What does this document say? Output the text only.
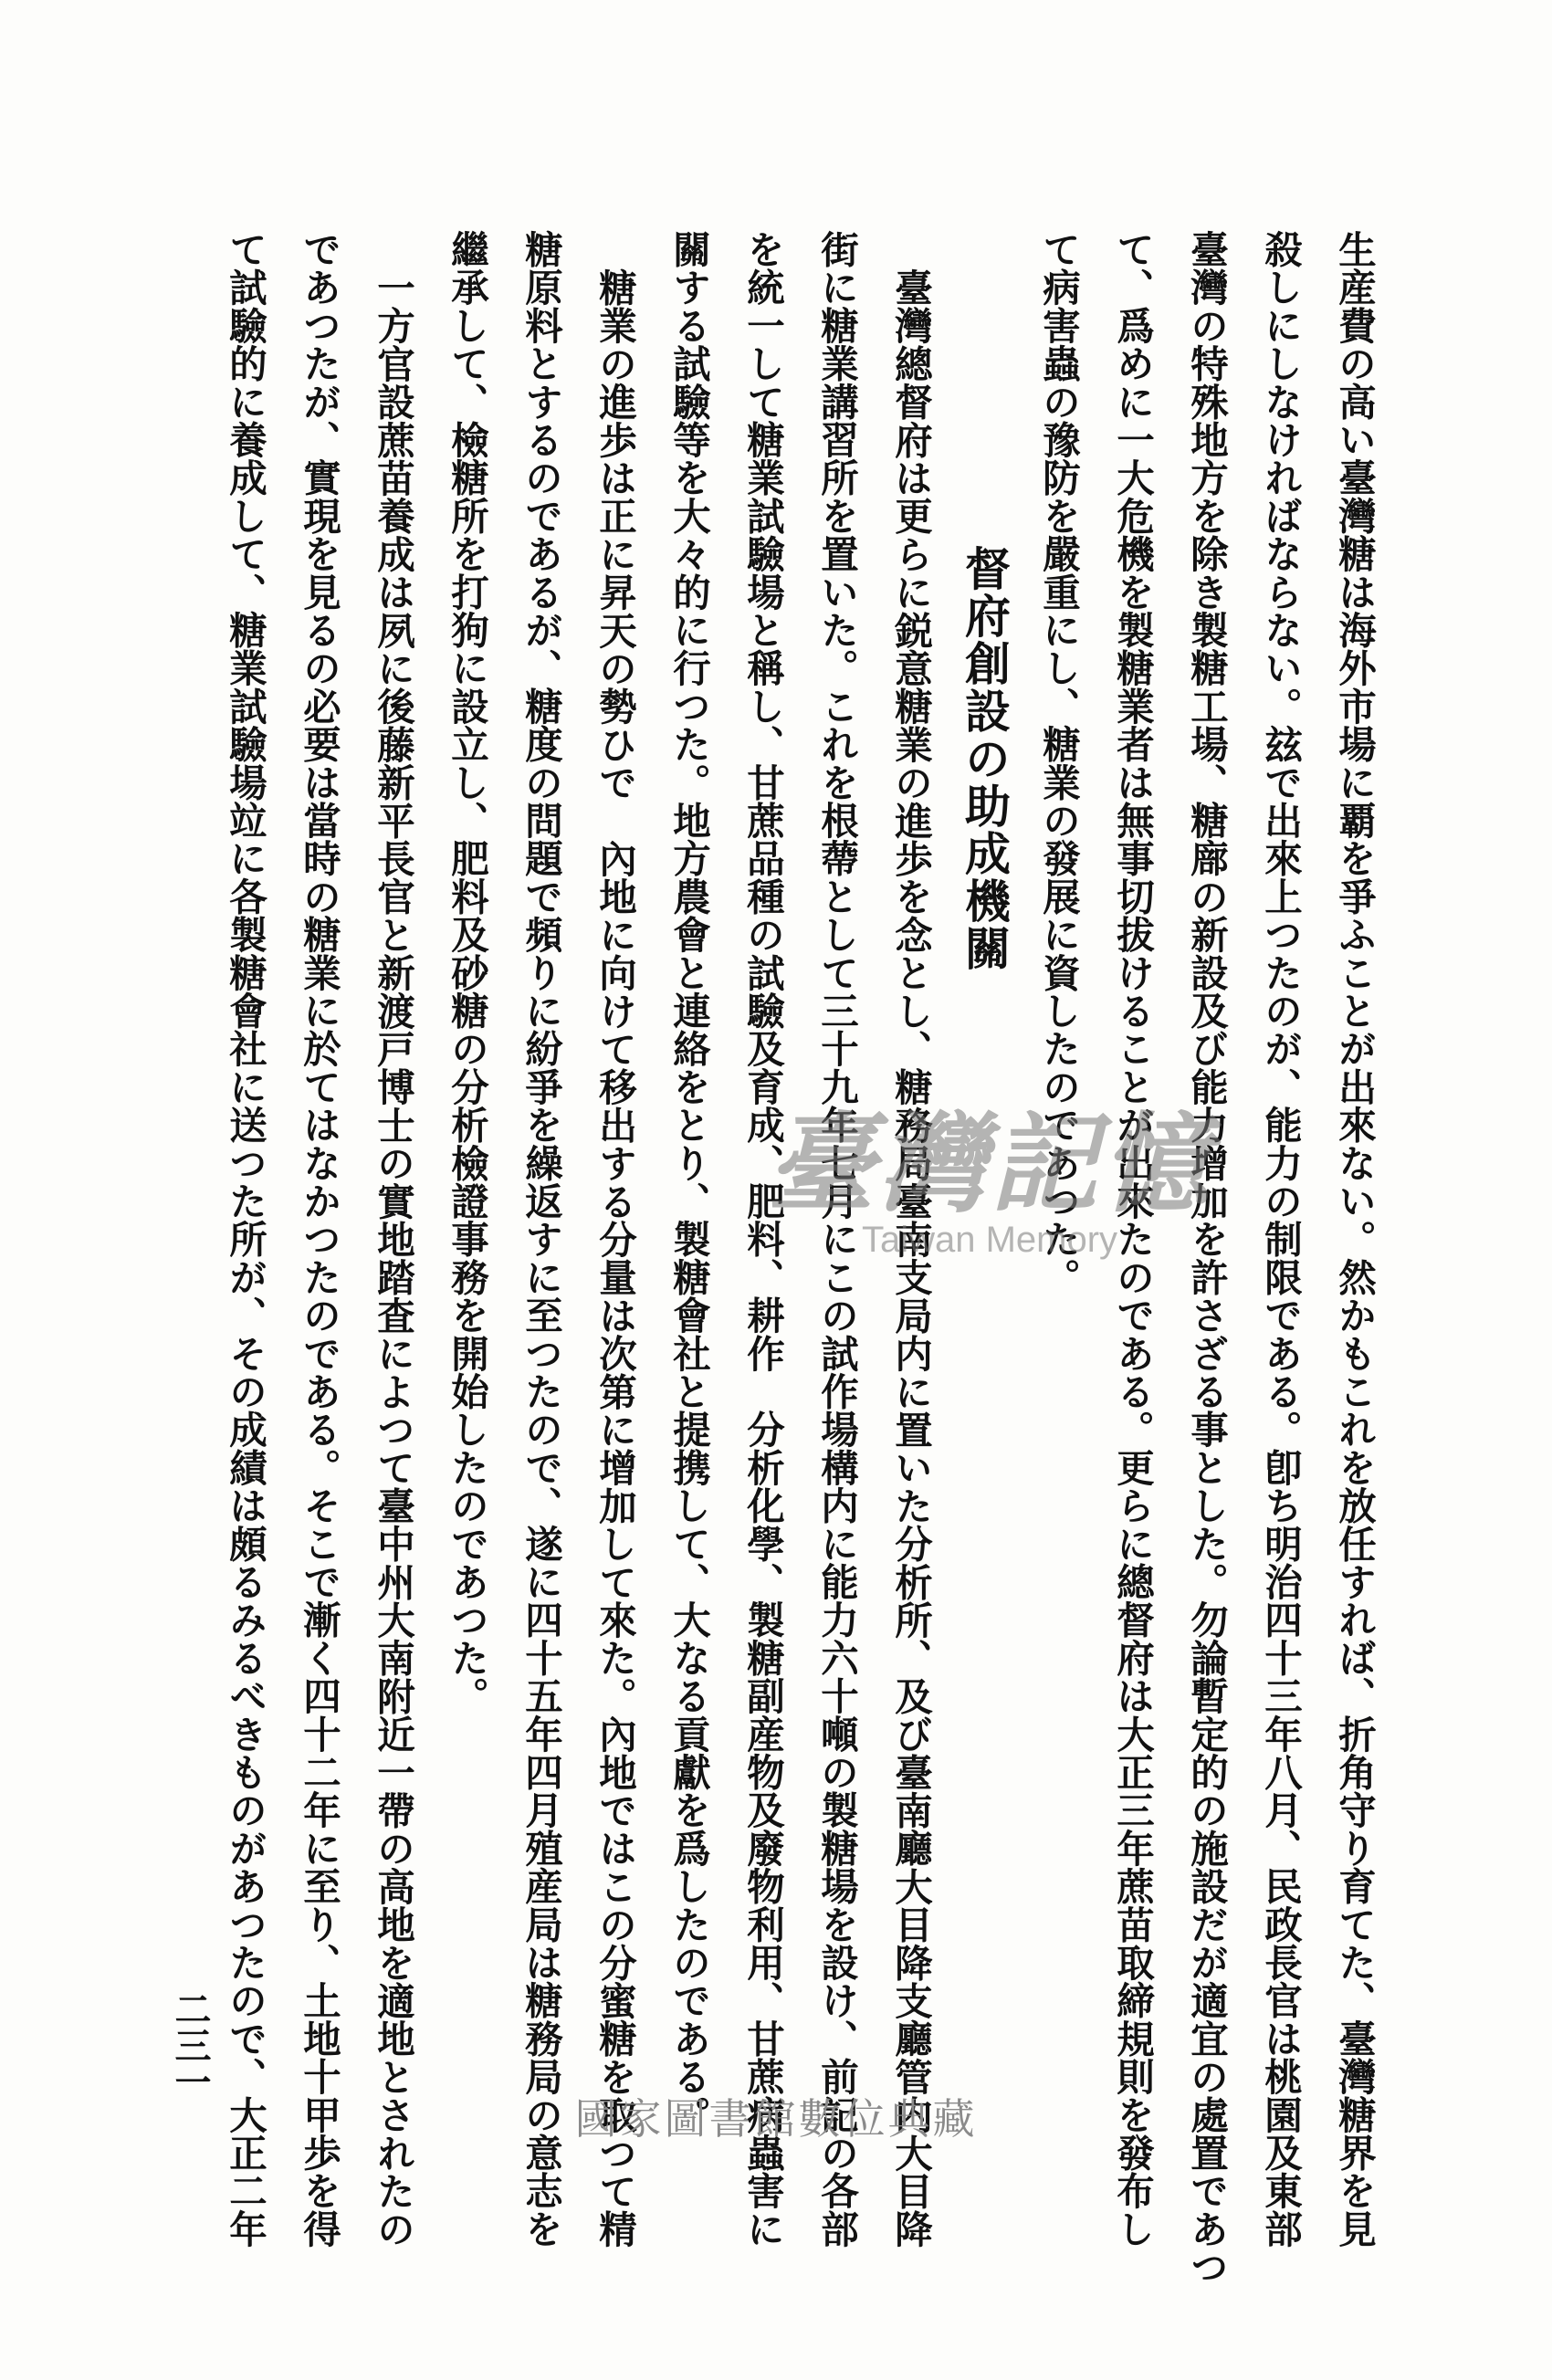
生産費の高い臺灣糖は海外市場に覇を爭ふことが出來ない。然かもこれを放任すれば、折角守り育てた、臺灣糖界を見
殺しにしなければならない。玆で出來上つたのが、能力の制限である。卽ち明治四十三年八月、民政長官は桃園及東部
臺灣の特殊地方を除き製糖工場、糖廍の新設及び能力增加を許さざる事とした。勿論暫定的の施設だが適宜の處置であつ
て、爲めに一大危機を製糖業者は無事切拔けることが出來たのである。更らに總督府は大正三年蔗苗取締規則を發布し
て病害蟲の豫防を嚴重にし、糖業の發展に資したのであつた。
督府創設の助成機關
臺灣總督府は更らに鋭意糖業の進歩を念とし、糖務局臺南支局内に置いた分析所、及び臺南廳大目降支廳管内大目降
街に糖業講習所を置いた。これを根蔕として三十九年七月にこの試作場構内に能力六十噸の製糖場を設け、前記の各部
を統一して糖業試驗場と稱し、甘蔗品種の試驗及育成、肥料、耕作　分析化學、製糖副産物及廢物利用、甘蔗病蟲害に
關する試驗等を大々的に行つた。地方農會と連絡をとり、製糖會社と提携して、大なる貢獻を爲したのである。
糖業の進歩は正に昇天の勢ひで　內地に向けて移出する分量は次第に增加して來た。內地ではこの分蜜糖を取つて精
糖原料とするのであるが、糖度の問題で頻りに紛爭を繰返すに至つたので、遂に四十五年四月殖産局は糖務局の意志を
繼承して、檢糖所を打狗に設立し、肥料及砂糖の分析檢證事務を開始したのであつた。
一方官設蔗苗養成は夙に後藤新平長官と新渡戸博士の實地踏査によつて臺中州大南附近一帶の高地を適地とされたの
であつたが、實現を見るの必要は當時の糖業に於てはなかつたのである。そこで漸く四十二年に至り、土地十甲歩を得
て試驗的に養成して、糖業試驗場竝に各製糖會社に送つた所が、その成績は頗るみるべきものがあつたので、大正二年
二三一
臺灣記憶
Taiwan Memory
國家圖書館數位典藏
